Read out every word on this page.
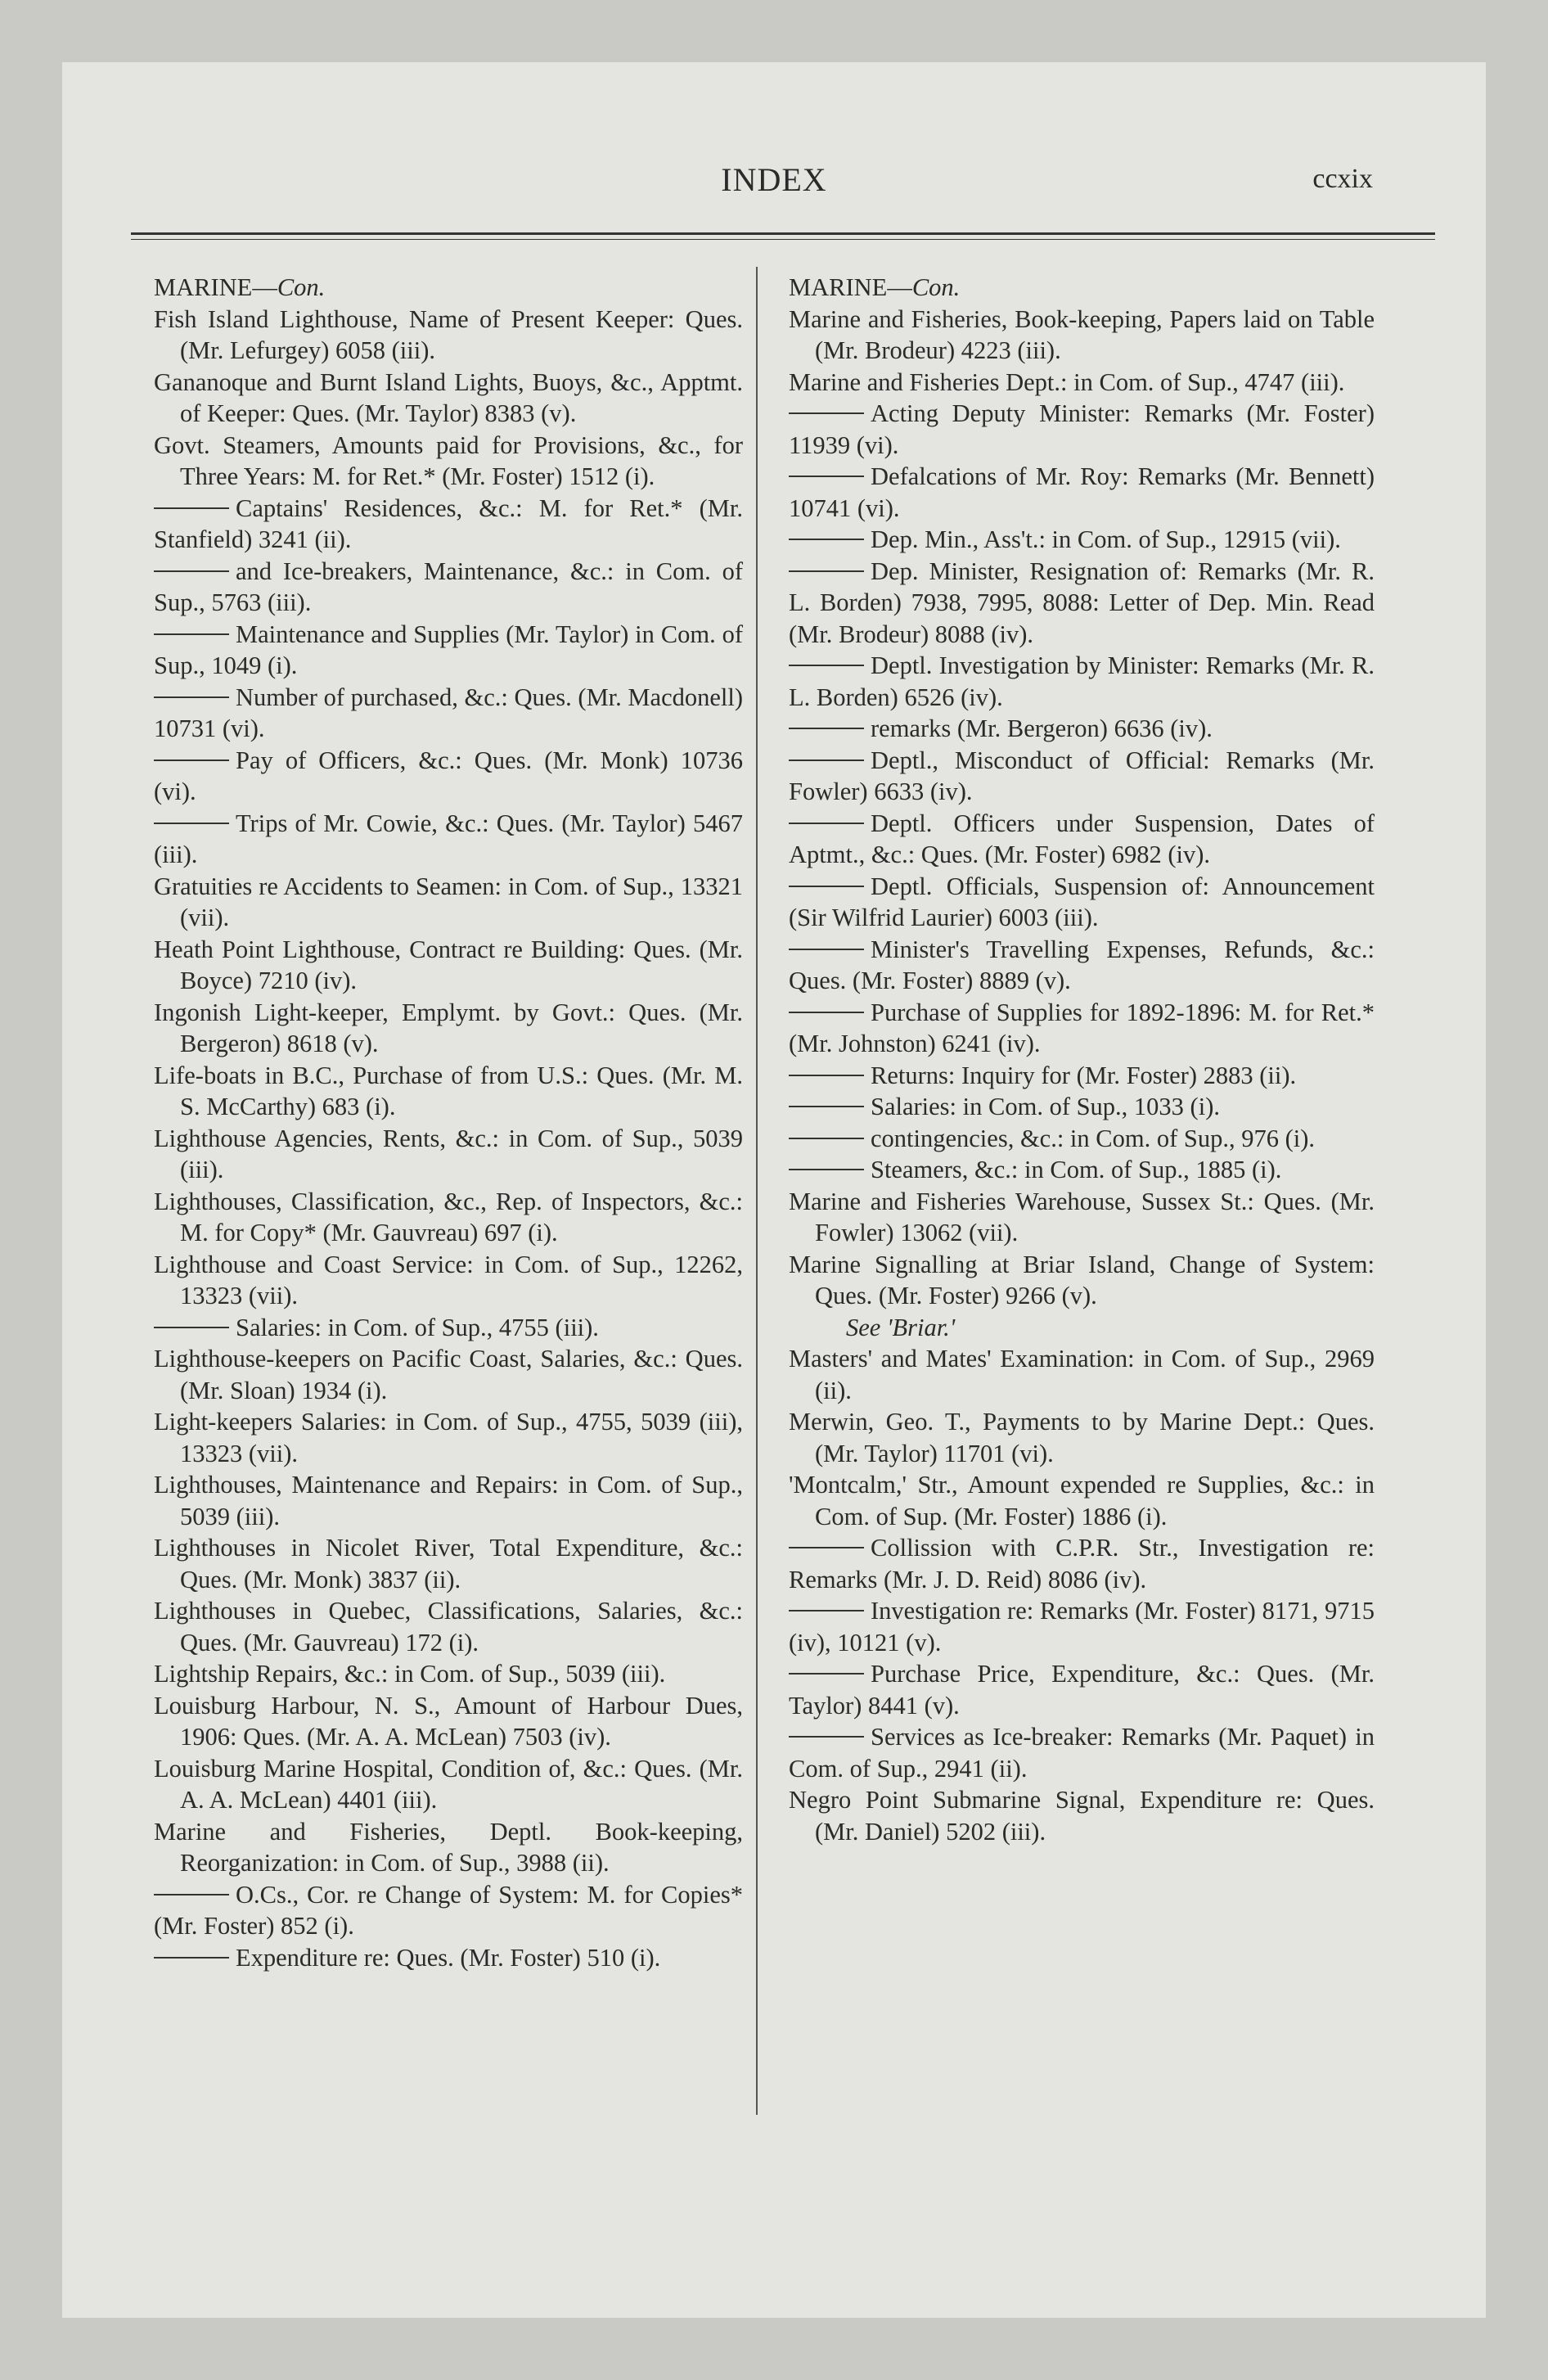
INDEX	ccxix

MARINE—Con.

Fish Island Lighthouse, Name of Present Keeper: Ques. (Mr. Lefurgey) 6058 (iii).

Gananoque and Burnt Island Lights, Buoys, &c., Apptmt. of Keeper: Ques. (Mr. Taylor) 8383 (v).

Govt. Steamers, Amounts paid for Provisions, &c., for Three Years: M. for Ret.* (Mr. Foster) 1512 (i).

Captains' Residences, &c.: M. for Ret.* (Mr. Stanfield) 3241 (ii).

and Ice-breakers, Maintenance, &c.: in Com. of Sup., 5763 (iii).

Maintenance and Supplies (Mr. Taylor) in Com. of Sup., 1049 (i).

Number of purchased, &c.: Ques. (Mr. Macdonell) 10731 (vi).

Pay of Officers, &c.: Ques. (Mr. Monk) 10736 (vi).

Trips of Mr. Cowie, &c.: Ques. (Mr. Taylor) 5467 (iii).

Gratuities re Accidents to Seamen: in Com. of Sup., 13321 (vii).

Heath Point Lighthouse, Contract re Building: Ques. (Mr. Boyce) 7210 (iv).

Ingonish Light-keeper, Emplymt. by Govt.: Ques. (Mr. Bergeron) 8618 (v).

Life-boats in B.C., Purchase of from U.S.: Ques. (Mr. M. S. McCarthy) 683 (i).

Lighthouse Agencies, Rents, &c.: in Com. of Sup., 5039 (iii).

Lighthouses, Classification, &c., Rep. of Inspectors, &c.: M. for Copy* (Mr. Gauvreau) 697 (i).

Lighthouse and Coast Service: in Com. of Sup., 12262, 13323 (vii).

Salaries: in Com. of Sup., 4755 (iii).

Lighthouse-keepers on Pacific Coast, Salaries, &c.: Ques. (Mr. Sloan) 1934 (i).

Light-keepers Salaries: in Com. of Sup., 4755, 5039 (iii), 13323 (vii).

Lighthouses, Maintenance and Repairs: in Com. of Sup., 5039 (iii).

Lighthouses in Nicolet River, Total Expenditure, &c.: Ques. (Mr. Monk) 3837 (ii).

Lighthouses in Quebec, Classifications, Salaries, &c.: Ques. (Mr. Gauvreau) 172 (i).

Lightship Repairs, &c.: in Com. of Sup., 5039 (iii).

Louisburg Harbour, N. S., Amount of Harbour Dues, 1906: Ques. (Mr. A. A. McLean) 7503 (iv).

Louisburg Marine Hospital, Condition of, &c.: Ques. (Mr. A. A. McLean) 4401 (iii).

Marine and Fisheries, Deptl. Book-keeping, Reorganization: in Com. of Sup., 3988 (ii).

O.Cs., Cor. re Change of System: M. for Copies* (Mr. Foster) 852 (i).

Expenditure re: Ques. (Mr. Foster) 510 (i).

MARINE—Con.

Marine and Fisheries, Book-keeping, Papers laid on Table (Mr. Brodeur) 4223 (iii).

Marine and Fisheries Dept.: in Com. of Sup., 4747 (iii).

Acting Deputy Minister: Remarks (Mr. Foster) 11939 (vi).

Defalcations of Mr. Roy: Remarks (Mr. Bennett) 10741 (vi).

Dep. Min., Ass't.: in Com. of Sup., 12915 (vii).

Dep. Minister, Resignation of: Remarks (Mr. R. L. Borden) 7938, 7995, 8088: Letter of Dep. Min. Read (Mr. Brodeur) 8088 (iv).

Deptl. Investigation by Minister: Remarks (Mr. R. L. Borden) 6526 (iv).

remarks (Mr. Bergeron) 6636 (iv).

Deptl., Misconduct of Official: Remarks (Mr. Fowler) 6633 (iv).

Deptl. Officers under Suspension, Dates of Aptmt., &c.: Ques. (Mr. Foster) 6982 (iv).

Deptl. Officials, Suspension of: Announcement (Sir Wilfrid Laurier) 6003 (iii).

Minister's Travelling Expenses, Refunds, &c.: Ques. (Mr. Foster) 8889 (v).

Purchase of Supplies for 1892-1896: M. for Ret.* (Mr. Johnston) 6241 (iv).

Returns: Inquiry for (Mr. Foster) 2883 (ii).

Salaries: in Com. of Sup., 1033 (i).

contingencies, &c.: in Com. of Sup., 976 (i).

Steamers, &c.: in Com. of Sup., 1885 (i).

Marine and Fisheries Warehouse, Sussex St.: Ques. (Mr. Fowler) 13062 (vii).

Marine Signalling at Briar Island, Change of System: Ques. (Mr. Foster) 9266 (v).

See 'Briar.'

Masters' and Mates' Examination: in Com. of Sup., 2969 (ii).

Merwin, Geo. T., Payments to by Marine Dept.: Ques. (Mr. Taylor) 11701 (vi).

'Montcalm,' Str., Amount expended re Supplies, &c.: in Com. of Sup. (Mr. Foster) 1886 (i).

Collission with C.P.R. Str., Investigation re: Remarks (Mr. J. D. Reid) 8086 (iv).

Investigation re: Remarks (Mr. Foster) 8171, 9715 (iv), 10121 (v).

Purchase Price, Expenditure, &c.: Ques. (Mr. Taylor) 8441 (v).

Services as Ice-breaker: Remarks (Mr. Paquet) in Com. of Sup., 2941 (ii).

Negro Point Submarine Signal, Expenditure re: Ques. (Mr. Daniel) 5202 (iii).
